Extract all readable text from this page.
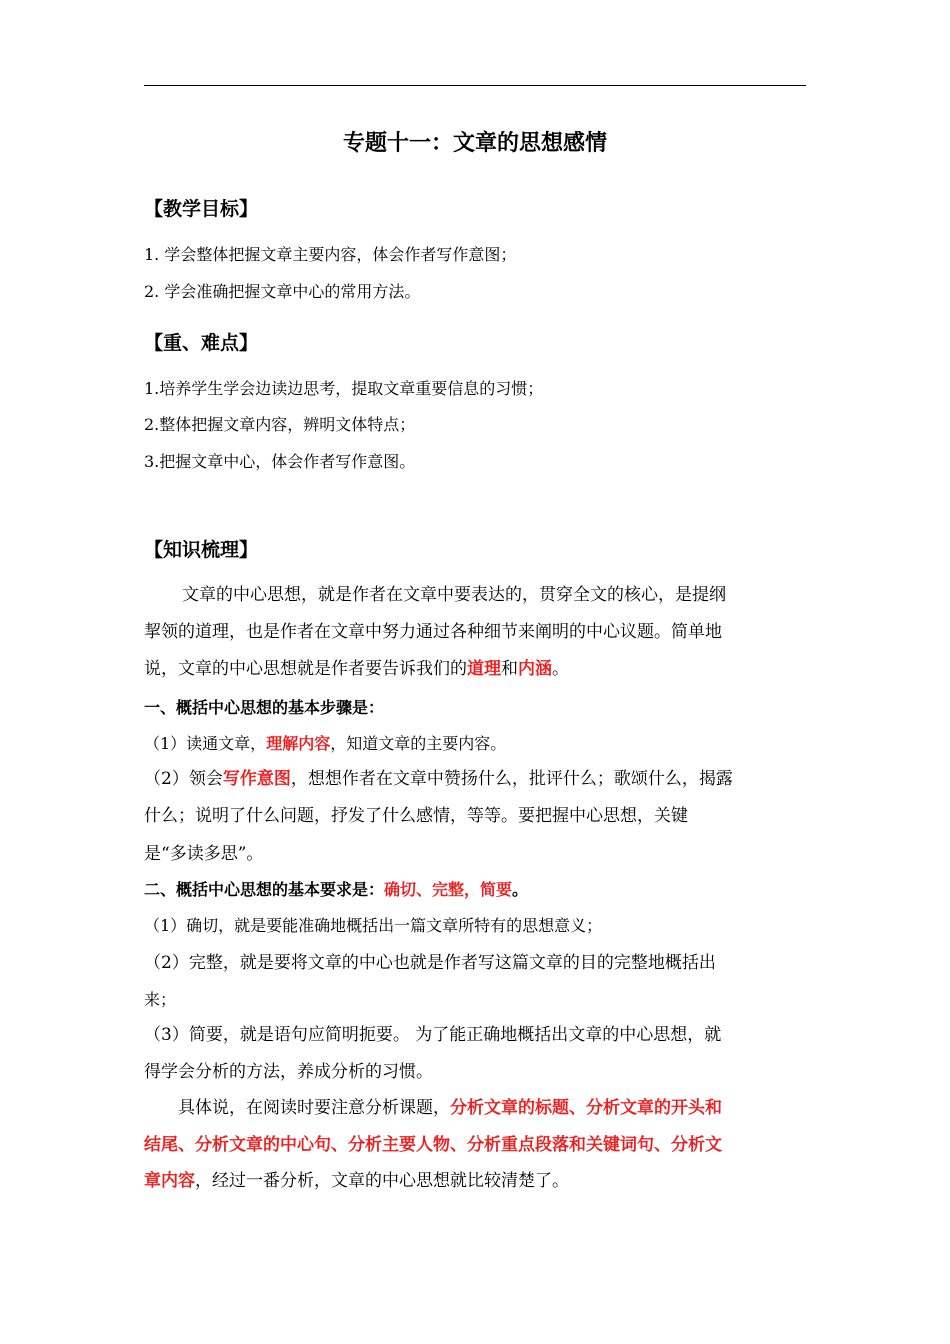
专题十一：文章的思想感情
【教学目标】
1. 学会整体把握文章主要内容，体会作者写作意图；
2. 学会准确把握文章中心的常用方法。
【重、难点】
1.培养学生学会边读边思考，提取文章重要信息的习惯；
2.整体把握文章内容，辨明文体特点；
3.把握文章中心，体会作者写作意图。
【知识梳理】
文章的中心思想，就是作者在文章中要表达的，贯穿全文的核心，是提纲
挈领的道理，也是作者在文章中努力通过各种细节来阐明的中心议题。简单地
说，文章的中心思想就是作者要告诉我们的道理和内涵。
一、概括中心思想的基本步骤是：
（1）读通文章，理解内容，知道文章的主要内容。
（2）领会写作意图，想想作者在文章中赞扬什么，批评什么；歌颂什么，揭露
什么；说明了什么问题，抒发了什么感情，等等。要把握中心思想，关键
是“多读多思”。
二、概括中心思想的基本要求是：确切、完整，简要。
（1）确切，就是要能准确地概括出一篇文章所特有的思想意义；
（2）完整，就是要将文章的中心也就是作者写这篇文章的目的完整地概括出
来；
（3）简要，就是语句应简明扼要。 为了能正确地概括出文章的中心思想，就
得学会分析的方法，养成分析的习惯。
具体说，在阅读时要注意分析课题，分析文章的标题、分析文章的开头和
结尾、分析文章的中心句、分析主要人物、分析重点段落和关键词句、分析文
章内容，经过一番分析，文章的中心思想就比较清楚了。
